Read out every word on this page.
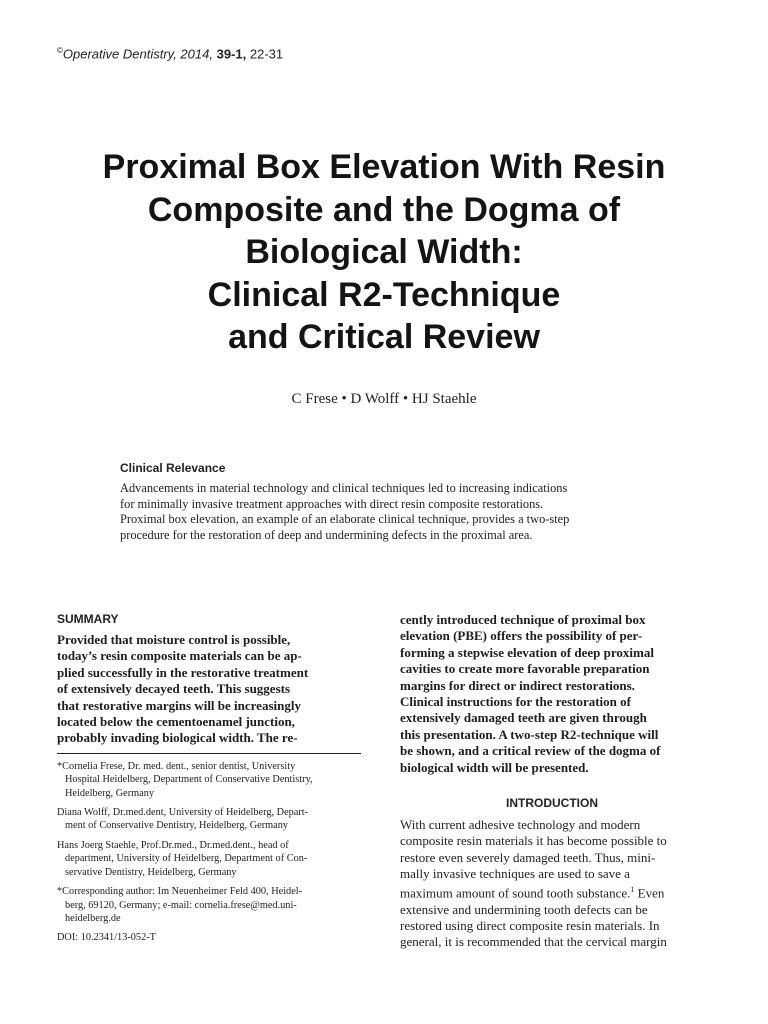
©Operative Dentistry, 2014, 39-1, 22-31
Proximal Box Elevation With Resin
Composite and the Dogma of
Biological Width:
Clinical R2-Technique
and Critical Review
C Frese • D Wolff • HJ Staehle
Clinical Relevance

Advancements in material technology and clinical techniques led to increasing indications
for minimally invasive treatment approaches with direct resin composite restorations.
Proximal box elevation, an example of an elaborate clinical technique, provides a two-step
procedure for the restoration of deep and undermining defects in the proximal area.

SUMMARY

Provided that moisture control is possible,
today’s resin composite materials can be ap-
plied successfully in the restorative treatment
of extensively decayed teeth. This suggests
that restorative margins will be increasingly
located below the cementoenamel junction,
probably invading biological width. The re-

*Cornelia Frese, Dr. med. dent., senior dentist, University
Hospital Heidelberg, Department of Conservative Dentistry,
Heidelberg, Germany

Diana Wolff, Dr.med.dent, University of Heidelberg, Depart-
ment of Conservative Dentistry, Heidelberg, Germany

Hans Joerg Staehle, Prof.Dr.med., Dr.med.dent., head of
department, University of Heidelberg, Department of Con-
servative Dentistry, Heidelberg, Germany

*Corresponding author: Im Neuenheimer Feld 400, Heidel-
berg, 69120, Germany; e-mail: cornelia.frese@med.uni-
heidelberg.de

DOI: 10.2341/13-052-T

cently introduced technique of proximal box
elevation (PBE) offers the possibility of per-
forming a stepwise elevation of deep proximal
cavities to create more favorable preparation
margins for direct or indirect restorations.
Clinical instructions for the restoration of
extensively damaged teeth are given through
this presentation. A two-step R2-technique will
be shown, and a critical review of the dogma of
biological width will be presented.

INTRODUCTION

With current adhesive technology and modern
composite resin materials it has become possible to
restore even severely damaged teeth. Thus, mini-
mally invasive techniques are used to save a
maximum amount of sound tooth substance.$^1$ Even
extensive and undermining tooth defects can be
restored using direct composite resin materials. In
general, it is recommended that the cervical margin
